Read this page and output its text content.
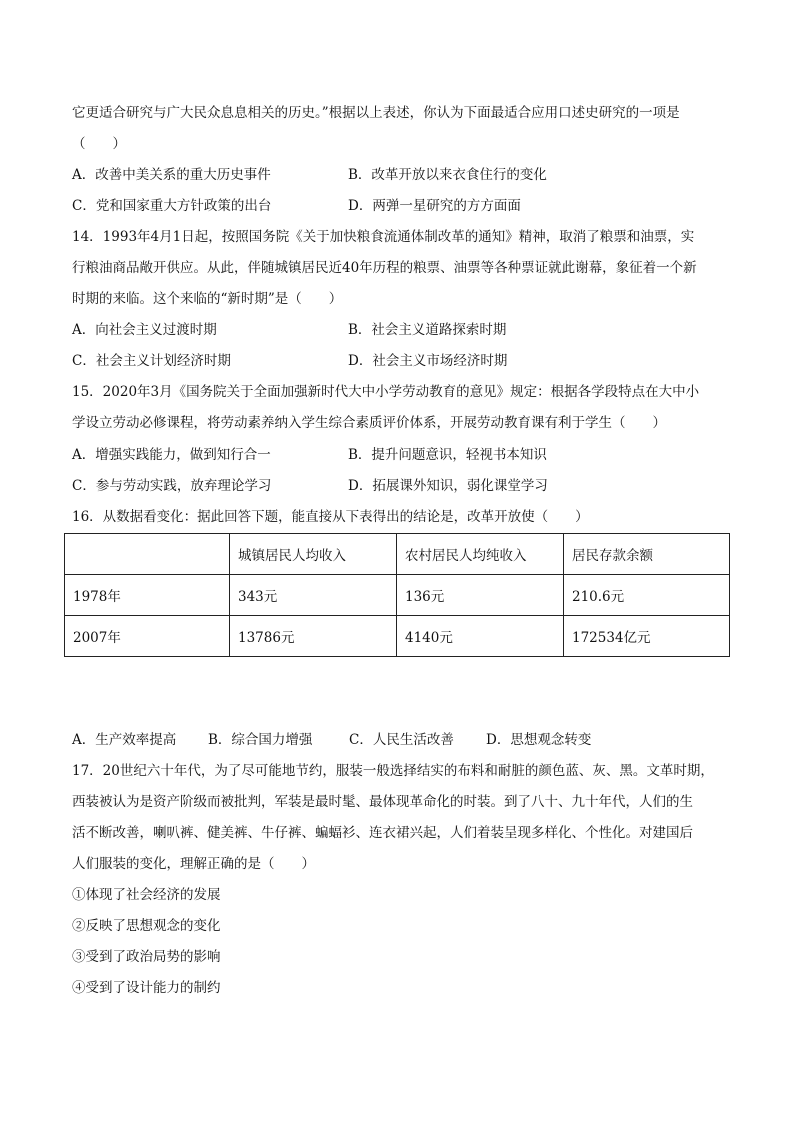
它更适合研究与广大民众息息相关的历史。”根据以上表述，你认为下面最适合应用口述史研究的一项是
（　　）
A．改善中美关系的重大历史事件	B．改革开放以来衣食住行的变化
C．党和国家重大方针政策的出台	D．两弹一星研究的方方面面
14．1993年4月1日起，按照国务院《关于加快粮食流通体制改革的通知》精神，取消了粮票和油票，实
行粮油商品敞开供应。从此，伴随城镇居民近40年历程的粮票、油票等各种票证就此谢幕，象征着一个新
时期的来临。这个来临的“新时期”是（　　）
A．向社会主义过渡时期	B．社会主义道路探索时期
C．社会主义计划经济时期	D．社会主义市场经济时期
15．2020年3月《国务院关于全面加强新时代大中小学劳动教育的意见》规定：根据各学段特点在大中小
学设立劳动必修课程，将劳动素养纳入学生综合素质评价体系，开展劳动教育课有利于学生（　　）
A．增强实践能力，做到知行合一	B．提升问题意识，轻视书本知识
C．参与劳动实践，放弃理论学习	D．拓展课外知识，弱化课堂学习
16．从数据看变化：据此回答下题，能直接从下表得出的结论是，改革开放使（　　）
	城镇居民人均收入	农村居民人均纯收入	居民存款余额
1978年	343元	136元	210.6元
2007年	13786元	4140元	172534亿元
A．生产效率提高 B．综合国力增强	C．人民生活改善 D．思想观念转变
17．20世纪六十年代，为了尽可能地节约，服装一般选择结实的布料和耐脏的颜色蓝、灰、黑。文革时期，
西装被认为是资产阶级而被批判，军装是最时髦、最体现革命化的时装。到了八十、九十年代，人们的生
活不断改善，喇叭裤、健美裤、牛仔裤、蝙蝠衫、连衣裙兴起，人们着装呈现多样化、个性化。对建国后
人们服装的变化，理解正确的是（　　）
①体现了社会经济的发展
②反映了思想观念的变化
③受到了政治局势的影响
④受到了设计能力的制约
